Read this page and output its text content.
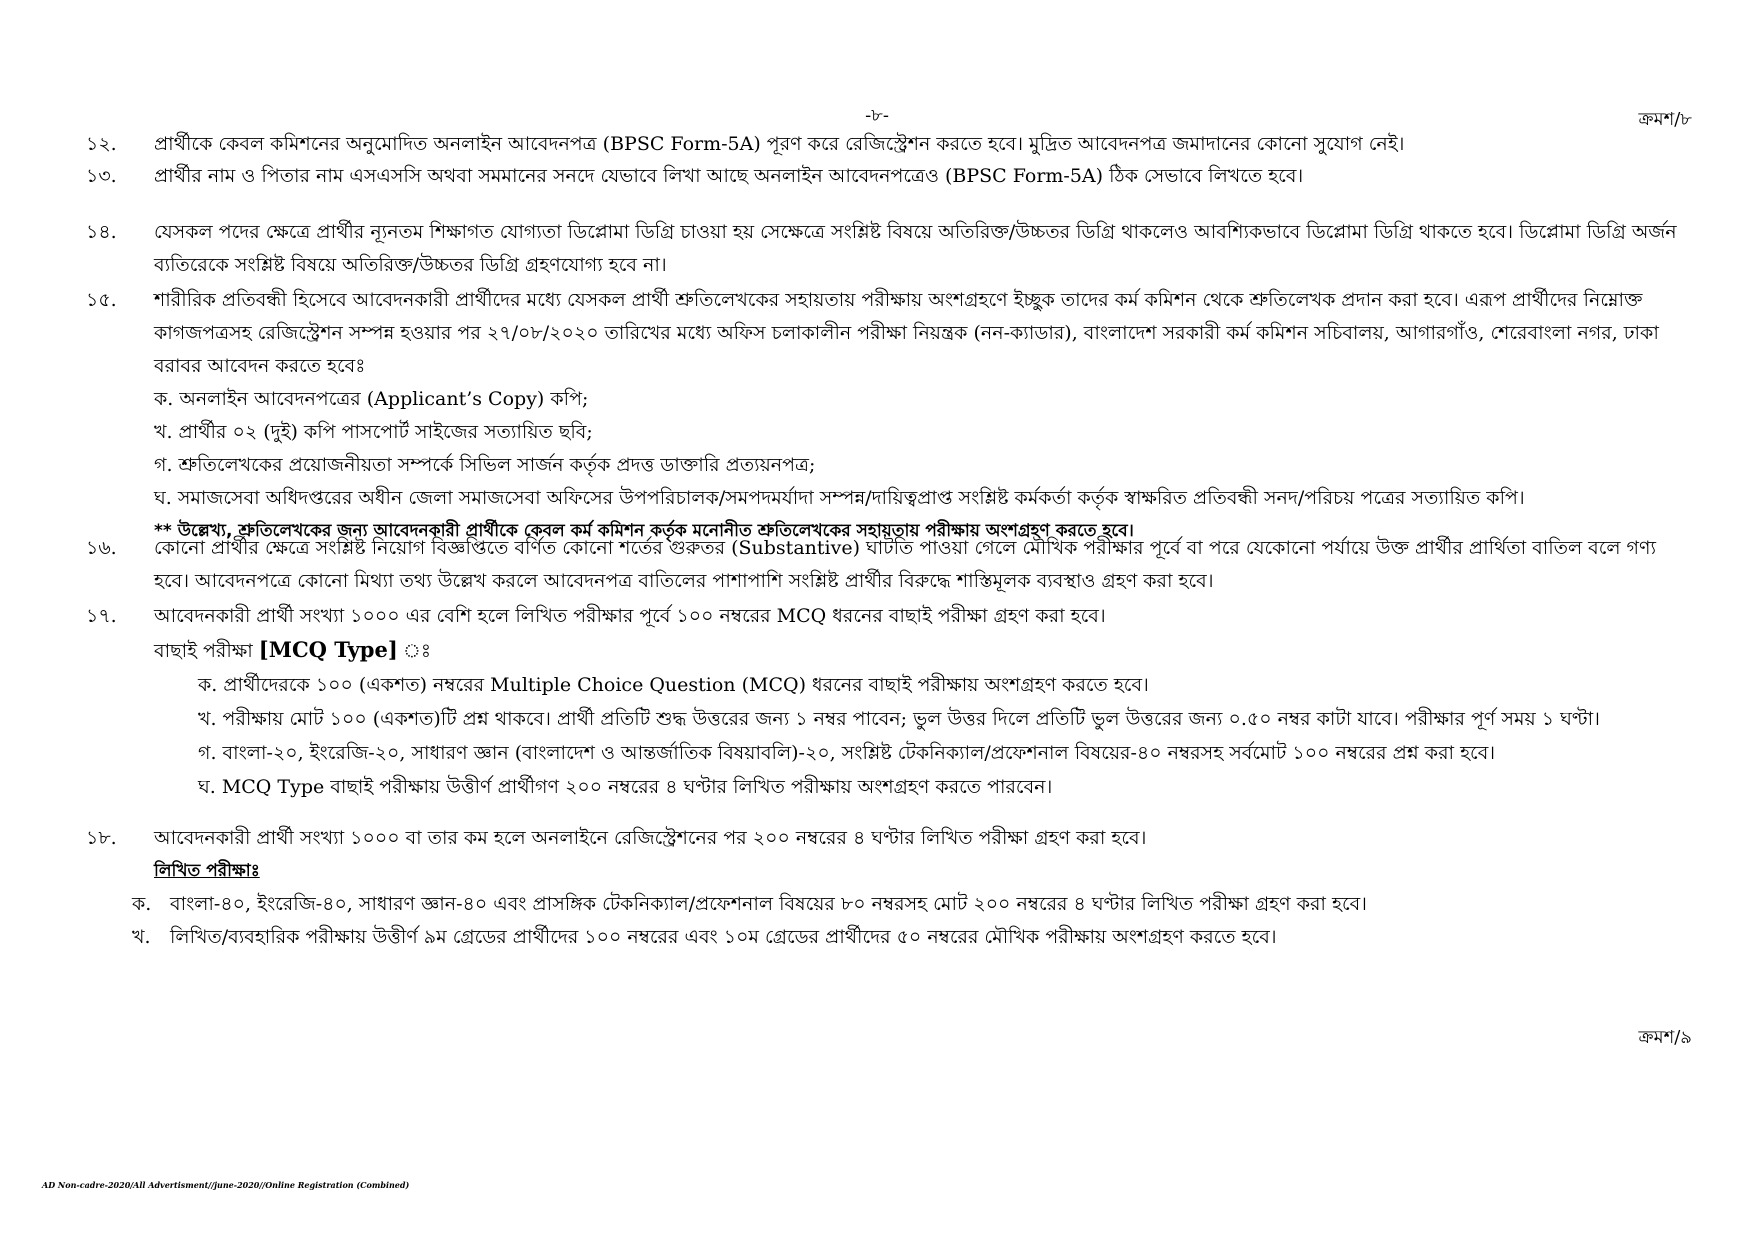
ক্রমশ/৮
-৮-
১২.	প্রার্থীকে কেবল কমিশনের অনুমোদিত অনলাইন আবেদনপত্র (BPSC Form-5A) পূরণ করে রেজিস্ট্রেশন করতে হবে। মুদ্রিত আবেদনপত্র জমাদানের কোনো সুযোগ নেই।
১৩.	প্রার্থীর নাম ও পিতার নাম এসএসসি অথবা সমমানের সনদে যেভাবে লিখা আছে অনলাইন আবেদনপত্রেও (BPSC Form-5A) ঠিক সেভাবে লিখতে হবে।
১৪.	যেসকল পদের ক্ষেত্রে প্রার্থীর ন্যূনতম শিক্ষাগত যোগ্যতা ডিপ্লোমা ডিগ্রি চাওয়া হয় সেক্ষেত্রে সংশ্লিষ্ট বিষয়ে অতিরিক্ত/উচ্চতর ডিগ্রি থাকলেও আবশ্যিকভাবে ডিপ্লোমা ডিগ্রি থাকতে হবে। ডিপ্লোমা ডিগ্রি অর্জন ব্যতিরেকে সংশ্লিষ্ট বিষয়ে অতিরিক্ত/উচ্চতর ডিগ্রি গ্রহণযোগ্য হবে না।
১৫.	শারীরিক প্রতিবন্ধী হিসেবে আবেদনকারী প্রার্থীদের মধ্যে যেসকল প্রার্থী শ্রুতিলেখকের সহায়তায় পরীক্ষায় অংশগ্রহণে ইচ্ছুক তাদের কর্ম কমিশন থেকে শ্রুতিলেখক প্রদান করা হবে। এরূপ প্রার্থীদের নিম্নোক্ত কাগজপত্রসহ রেজিস্ট্রেশন সম্পন্ন হওয়ার পর ২৭/০৮/২০২০ তারিখের মধ্যে অফিস চলাকালীন পরীক্ষা নিয়ন্ত্রক (নন-ক্যাডার), বাংলাদেশ সরকারী কর্ম কমিশন সচিবালয়, আগারগাঁও, শেরেবাংলা নগর, ঢাকা বরাবর আবেদন করতে হবেঃ
ক. অনলাইন আবেদনপত্রের (Applicant’s Copy) কপি;
খ. প্রার্থীর ০২ (দুই) কপি পাসপোর্ট সাইজের সত্যায়িত ছবি;
গ. শ্রুতিলেখকের প্রয়োজনীয়তা সম্পর্কে সিভিল সার্জন কর্তৃক প্রদত্ত ডাক্তারি প্রত্যয়নপত্র;
ঘ. সমাজসেবা অধিদপ্তরের অধীন জেলা সমাজসেবা অফিসের উপপরিচালক/সমপদমর্যাদা সম্পন্ন/দায়িত্বপ্রাপ্ত সংশ্লিষ্ট কর্মকর্তা কর্তৃক স্বাক্ষরিত প্রতিবন্ধী সনদ/পরিচয় পত্রের সত্যায়িত কপি।
** উল্লেখ্য, শ্রুতিলেখকের জন্য আবেদনকারী প্রার্থীকে কেবল কর্ম কমিশন কর্তৃক মনোনীত শ্রুতিলেখকের সহায়তায় পরীক্ষায় অংশগ্রহণ করতে হবে।
১৬.	কোনো প্রার্থীর ক্ষেত্রে সংশ্লিষ্ট নিয়োগ বিজ্ঞপ্তিতে বর্ণিত কোনো শর্তের গুরুতর (Substantive) ঘাটতি পাওয়া গেলে মৌখিক পরীক্ষার পূর্বে বা পরে যেকোনো পর্যায়ে উক্ত প্রার্থীর প্রার্থিতা বাতিল বলে গণ্য হবে। আবেদনপত্রে কোনো মিথ্যা তথ্য উল্লেখ করলে আবেদনপত্র বাতিলের পাশাপাশি সংশ্লিষ্ট প্রার্থীর বিরুদ্ধে শাস্তিমূলক ব্যবস্থাও গ্রহণ করা হবে।
১৭.	আবেদনকারী প্রার্থী সংখ্যা ১০০০ এর বেশি হলে লিখিত পরীক্ষার পূর্বে ১০০ নম্বরের MCQ ধরনের বাছাই পরীক্ষা গ্রহণ করা হবে।
বাছাই পরীক্ষা [MCQ Type] ঃ
ক. প্রার্থীদেরকে ১০০ (একশত) নম্বরের Multiple Choice Question (MCQ) ধরনের বাছাই পরীক্ষায় অংশগ্রহণ করতে হবে।
খ. পরীক্ষায় মোট ১০০ (একশত)টি প্রশ্ন থাকবে। প্রার্থী প্রতিটি শুদ্ধ উত্তরের জন্য ১ নম্বর পাবেন; ভুল উত্তর দিলে প্রতিটি ভুল উত্তরের জন্য ০.৫০ নম্বর কাটা যাবে। পরীক্ষার পূর্ণ সময় ১ ঘণ্টা।
গ. বাংলা-২০, ইংরেজি-২০, সাধারণ জ্ঞান (বাংলাদেশ ও আন্তর্জাতিক বিষয়াবলি)-২০, সংশ্লিষ্ট টেকনিক্যাল/প্রফেশনাল বিষয়ের-৪০ নম্বরসহ সর্বমোট ১০০ নম্বরের প্রশ্ন করা হবে।
ঘ. MCQ Type বাছাই পরীক্ষায় উত্তীর্ণ প্রার্থীগণ ২০০ নম্বরের ৪ ঘণ্টার লিখিত পরীক্ষায় অংশগ্রহণ করতে পারবেন।
১৮.	আবেদনকারী প্রার্থী সংখ্যা ১০০০ বা তার কম হলে অনলাইনে রেজিস্ট্রেশনের পর ২০০ নম্বরের ৪ ঘণ্টার লিখিত পরীক্ষা গ্রহণ করা হবে।
লিখিত পরীক্ষাঃ
ক. বাংলা-৪০, ইংরেজি-৪০, সাধারণ জ্ঞান-৪০ এবং প্রাসঙ্গিক টেকনিক্যাল/প্রফেশনাল বিষয়ের ৮০ নম্বরসহ মোট ২০০ নম্বরের ৪ ঘণ্টার লিখিত পরীক্ষা গ্রহণ করা হবে।
খ.	লিখিত/ব্যবহারিক পরীক্ষায় উত্তীর্ণ ৯ম গ্রেডের প্রার্থীদের ১০০ নম্বরের এবং ১০ম গ্রেডের প্রার্থীদের ৫০ নম্বরের মৌখিক পরীক্ষায় অংশগ্রহণ করতে হবে।
ক্রমশ/৯
AD Non-cadre-2020/All Advertisment//june-2020//Online Registration (Combined)
